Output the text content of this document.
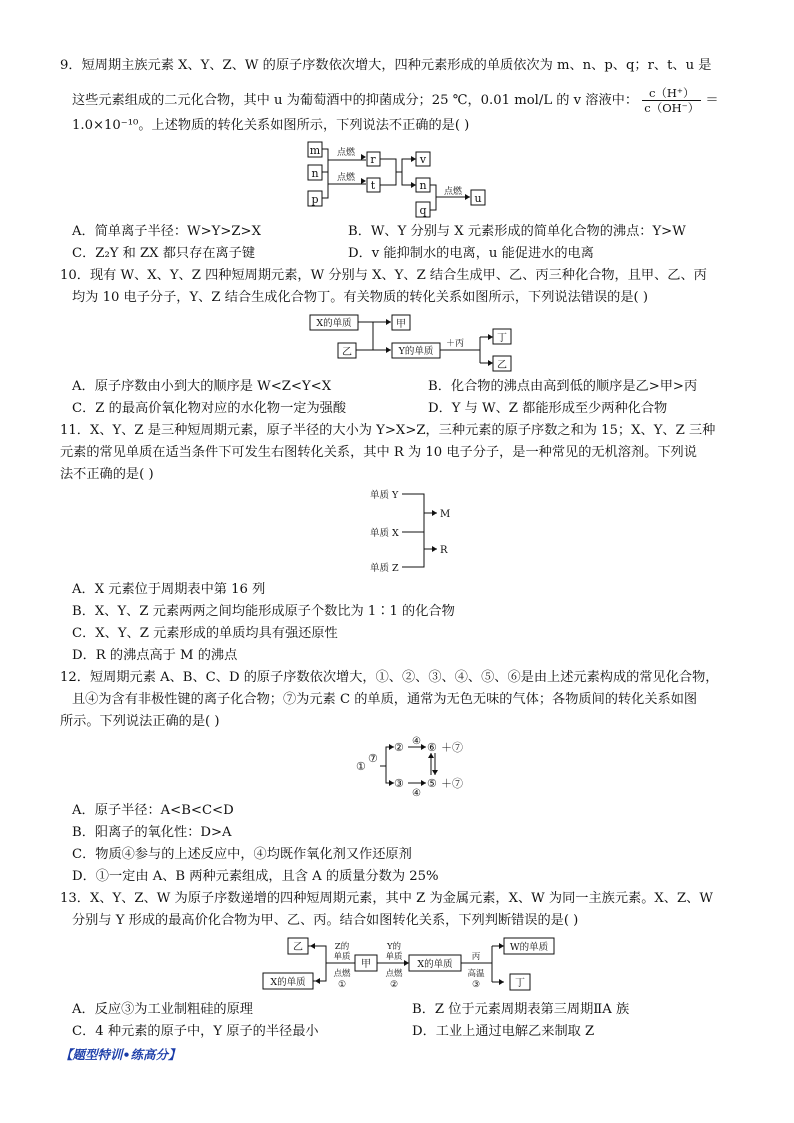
9．短周期主族元素 X、Y、Z、W 的原子序数依次增大，四种元素形成的单质依次为 m、n、p、q；r、t、u 是
这些元素组成的二元化合物，其中 u 为葡萄酒中的抑菌成分；25 ℃，0.01 mol/L 的 v 溶液中： $\frac{c(H^+)}{c(OH^-)}$ ＝
1.0×10⁻¹⁰。上述物质的转化关系如图所示，下列说法不正确的是( )
m
n
p
点燃
点燃
r
t
v
n
q
点燃 u
A．简单离子半径：W>Y>Z>X	B．W、Y 分别与 X 元素形成的简单化合物的沸点：Y>W
C．Z₂Y 和 ZX 都只存在离子键	D．v 能抑制水的电离，u 能促进水的电离
10．现有 W、X、Y、Z 四种短周期元素，W 分别与 X、Y、Z 结合生成甲、乙、丙三种化合物，且甲、乙、丙
均为 10 电子分子，Y、Z 结合生成化合物丁。有关物质的转化关系如图所示，下列说法错误的是( )
X的单质
乙
甲
Y的单质
＋丙	丁
乙
A．原子序数由小到大的顺序是 W<Z<Y<X	B．化合物的沸点由高到低的顺序是乙>甲>丙
C．Z 的最高价氧化物对应的水化物一定为强酸	D．Y 与 W、Z 都能形成至少两种化合物
11．X、Y、Z 是三种短周期元素，原子半径的大小为 Y>X>Z，三种元素的原子序数之和为 15；X、Y、Z 三种
元素的常见单质在适当条件下可发生右图转化关系，其中 R 为 10 电子分子，是一种常见的无机溶剂。下列说
法不正确的是( )
单质 Y
单质 X
单质 Z
M
R
A．X 元素位于周期表中第 16 列
B．X、Y、Z 元素两两之间均能形成原子个数比为 1∶1 的化合物
C．X、Y、Z 元素形成的单质均具有强还原性
D．R 的沸点高于 M 的沸点
12．短周期元素 A、B、C、D 的原子序数依次增大，①、②、③、④、⑤、⑥是由上述元素构成的常见化合物，
且④为含有非极性键的离子化合物；⑦为元素 C 的单质，通常为无色无味的气体；各物质间的转化关系如图
所示。下列说法正确的是( )
①
⑦
② ④ ⑥ ＋⑦
③
④
⑤ ＋⑦
A．原子半径：A<B<C<D
B．阳离子的氧化性：D>A
C．物质④参与的上述反应中，④均既作氧化剂又作还原剂
D．①一定由 A、B 两种元素组成，且含 A 的质量分数为 25%
13．X、Y、Z、W 为原子序数递增的四种短周期元素，其中 Z 为金属元素，X、W 为同一主族元素。X、Z、W
分别与 Y 形成的最高价化合物为甲、乙、丙。结合如图转化关系，下列判断错误的是( )
乙
X的单质
Z的
单质
点燃
①
甲
Y的
单质
点燃
②
X的单质
丙
高温
③
W的单质
丁
A．反应③为工业制粗硅的原理	B．Z 位于元素周期表第三周期ⅡA 族
C．4 种元素的原子中，Y 原子的半径最小	D．工业上通过电解乙来制取 Z
【题型特训•练高分】
